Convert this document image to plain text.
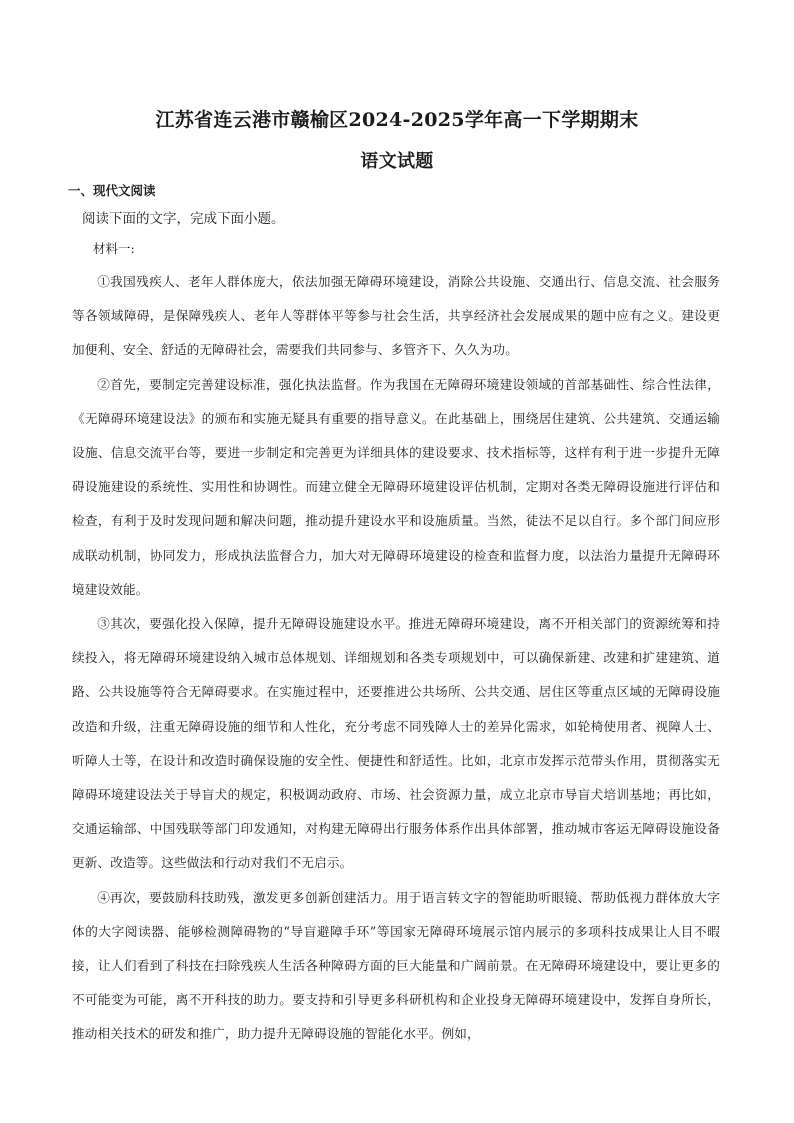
江苏省连云港市赣榆区2024-2025学年高一下学期期末
语文试题
一、现代文阅读
阅读下面的文字，完成下面小题。
材料一:

①我国残疾人、老年人群体庞大，依法加强无障碍环境建设，消除公共设施、交通出行、信息交流、社会服务等各领域障碍，是保障残疾人、老年人等群体平等参与社会生活，共享经济社会发展成果的题中应有之义。建设更加便利、安全、舒适的无障碍社会，需要我们共同参与、多管齐下、久久为功。

②首先，要制定完善建设标准，强化执法监督。作为我国在无障碍环境建设领域的首部基础性、综合性法律，《无障碍环境建设法》的颁布和实施无疑具有重要的指导意义。在此基础上，围绕居住建筑、公共建筑、交通运输设施、信息交流平台等，要进一步制定和完善更为详细具体的建设要求、技术指标等，这样有利于进一步提升无障碍设施建设的系统性、实用性和协调性。而建立健全无障碍环境建设评估机制，定期对各类无障碍设施进行评估和检查，有利于及时发现问题和解决问题，推动提升建设水平和设施质量。当然，徒法不足以自行。多个部门间应形成联动机制，协同发力，形成执法监督合力，加大对无障碍环境建设的检查和监督力度，以法治力量提升无障碍环境建设效能。

③其次，要强化投入保障，提升无障碍设施建设水平。推进无障碍环境建设，离不开相关部门的资源统筹和持续投入，将无障碍环境建设纳入城市总体规划、详细规划和各类专项规划中，可以确保新建、改建和扩建建筑、道路、公共设施等符合无障碍要求。在实施过程中，还要推进公共场所、公共交通、居住区等重点区域的无障碍设施改造和升级，注重无障碍设施的细节和人性化，充分考虑不同残障人士的差异化需求，如轮椅使用者、视障人士、听障人士等，在设计和改造时确保设施的安全性、便捷性和舒适性。比如，北京市发挥示范带头作用，贯彻落实无障碍环境建设法关于导盲犬的规定，积极调动政府、市场、社会资源力量，成立北京市导盲犬培训基地；再比如，交通运输部、中国残联等部门印发通知，对构建无障碍出行服务体系作出具体部署，推动城市客运无障碍设施设备更新、改造等。这些做法和行动对我们不无启示。

④再次，要鼓励科技助残，激发更多创新创建活力。用于语言转文字的智能助听眼镜、帮助低视力群体放大字体的大字阅读器、能够检测障碍物的“导盲避障手环”等国家无障碍环境展示馆内展示的多项科技成果让人目不暇接，让人们看到了科技在扫除残疾人生活各种障碍方面的巨大能量和广阔前景。在无障碍环境建设中，要让更多的不可能变为可能，离不开科技的助力。要支持和引导更多科研机构和企业投身无障碍环境建设中，发挥自身所长，推动相关技术的研发和推广，助力提升无障碍设施的智能化水平。例如，
